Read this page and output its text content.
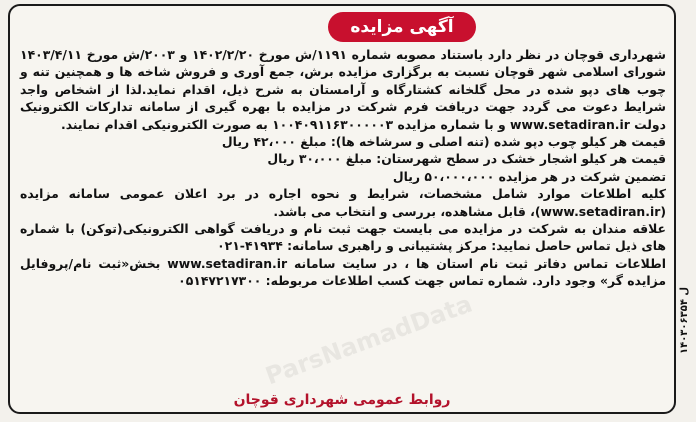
آگهی مزایده

شهرداری قوچان در نظر دارد باستناد مصوبه شماره ۱۱۹۱/ش مورخ ۱۴۰۲/۲/۲۰ و ۲۰۰۳/ش مورخ ۱۴۰۳/۴/۱۱ شورای اسلامی شهر قوچان نسبت به برگزاری مزایده برش، جمع آوری و فروش شاخه ها و همچنین تنه و چوب های دپو شده در محل گلخانه کشتارگاه و آرامستان به شرح ذیل، اقدام نماید.لذا از اشخاص واجد شرایط دعوت می گردد جهت دریافت فرم شرکت در مزایده با بهره گیری از سامانه تدارکات الکترونیک دولت www.setadiran.ir و با شماره مزایده ۱۰۰۴۰۹۱۱۶۳۰۰۰۰۰۳ به صورت الکترونیکی اقدام نمایند.

قیمت هر کیلو چوب دپو شده (تنه اصلی و سرشاخه ها): مبلغ ۴۲،۰۰۰ ریال

قیمت هر کیلو اشجار خشک در سطح شهرستان: مبلغ ۳۰،۰۰۰ ریال

تضمین شرکت در هر مزایده ۵۰،۰۰۰،۰۰۰ ریال

کلیه اطلاعات موارد شامل مشخصات، شرایط و نحوه اجاره در برد اعلان عمومی سامانه مزایده (www.setadiran.ir)، قابل مشاهده، بررسی و انتخاب می باشد.

علاقه مندان به شرکت در مزایده می بایست جهت ثبت نام و دریافت گواهی الکترونیکی(توکن) با شماره های ذیل تماس حاصل نمایید: مرکز پشتیبانی و راهبری سامانه: ۴۱۹۳۴-۰۲۱

اطلاعات تماس دفاتر ثبت نام استان ها ، در سایت سامانه www.setadiran.ir بخش«ثبت نام/پروفایل مزایده گر» وجود دارد. شماره تماس جهت کسب اطلاعات مربوطه: ۰۵۱۴۷۲۱۷۳۰۰

ParsNamadData
روابط عمومی شهرداری قوچان
ل ۱۴۰۳۰۶۳۵۴
